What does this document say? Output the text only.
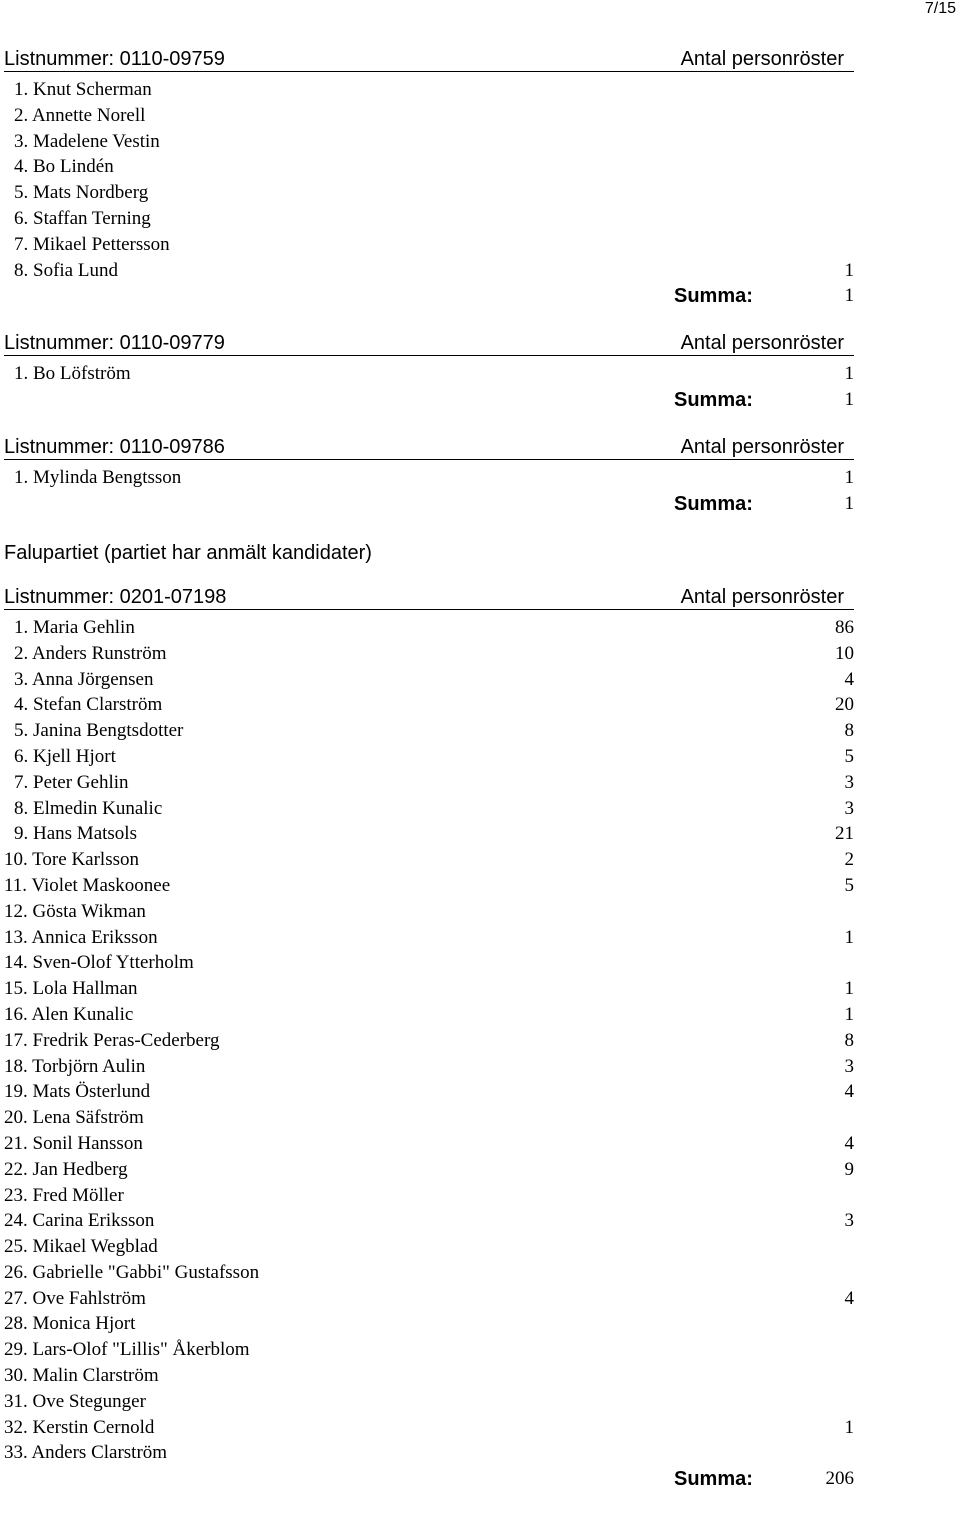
7/15
Listnummer: 0110-09759	Antal personröster
1. Knut Scherman
2. Annette Norell
3. Madelene Vestin
4. Bo Lindén
5. Mats Nordberg
6. Staffan Terning
7. Mikael Pettersson
8. Sofia Lund	1
Summa:	1
Listnummer: 0110-09779	Antal personröster
1. Bo Löfström	1
Summa:	1
Listnummer: 0110-09786	Antal personröster
1. Mylinda Bengtsson	1
Summa:	1
Falupartiet (partiet har anmält kandidater)
Listnummer: 0201-07198	Antal personröster
1. Maria Gehlin	86
2. Anders Runström	10
3. Anna Jörgensen	4
4. Stefan Clarström	20
5. Janina Bengtsdotter	8
6. Kjell Hjort	5
7. Peter Gehlin	3
8. Elmedin Kunalic	3
9. Hans Matsols	21
10. Tore Karlsson	2
11. Violet Maskoonee	5
12. Gösta Wikman
13. Annica Eriksson	1
14. Sven-Olof Ytterholm
15. Lola Hallman	1
16. Alen Kunalic	1
17. Fredrik Peras-Cederberg	8
18. Torbjörn Aulin	3
19. Mats Österlund	4
20. Lena Säfström
21. Sonil Hansson	4
22. Jan Hedberg	9
23. Fred Möller
24. Carina Eriksson	3
25. Mikael Wegblad
26. Gabrielle "Gabbi" Gustafsson
27. Ove Fahlström	4
28. Monica Hjort
29. Lars-Olof "Lillis" Åkerblom
30. Malin Clarström
31. Ove Stegunger
32. Kerstin Cernold	1
33. Anders Clarström
Summa:	206
